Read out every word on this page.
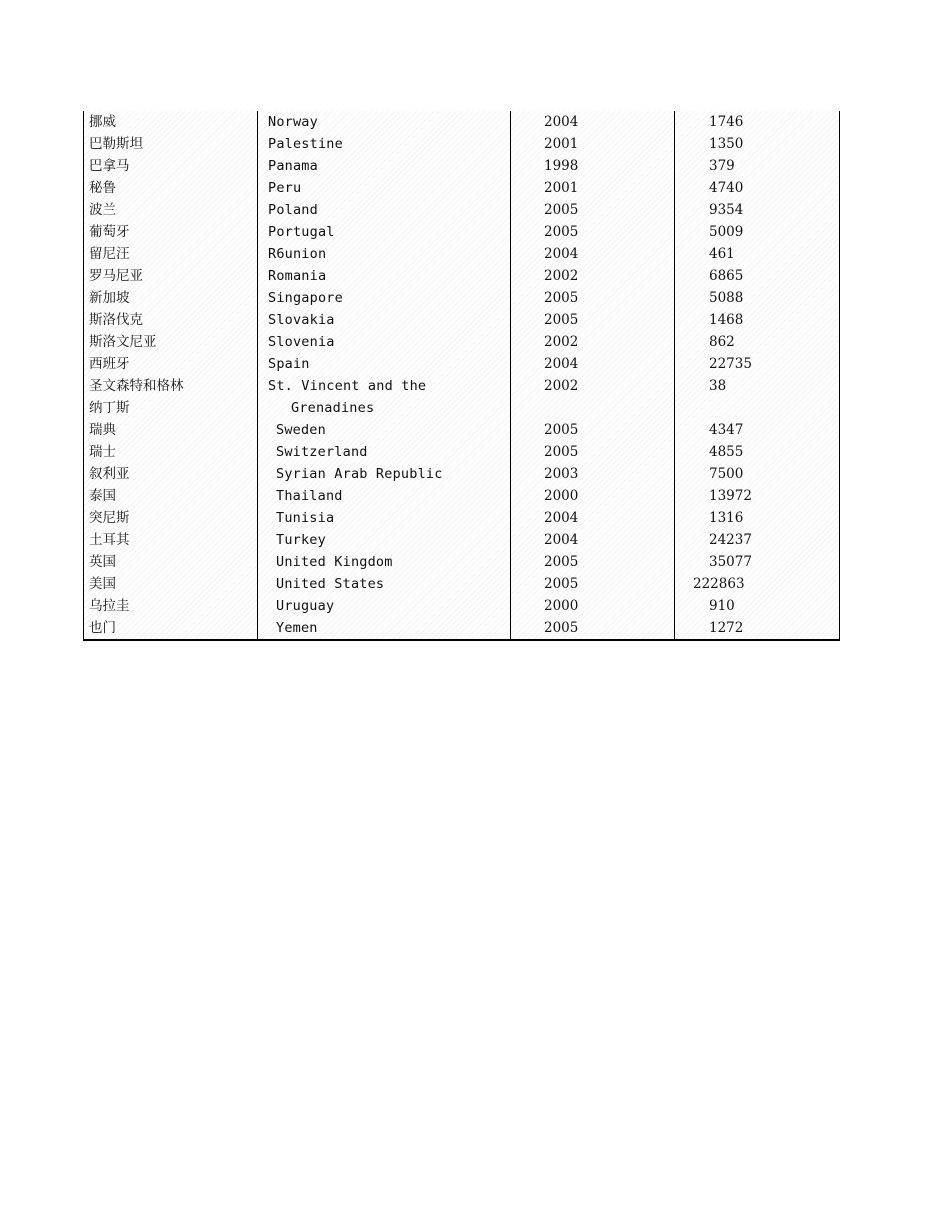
挪威	Norway	2004	1746
巴勒斯坦	Palestine	2001	1350
巴拿马	Panama	1998	379
秘鲁	Peru	2001	4740
波兰	Poland	2005	9354
葡萄牙	Portugal	2005	5009
留尼汪	R6union	2004	461
罗马尼亚	Romania	2002	6865
新加坡	Singapore	2005	5088
斯洛伐克	Slovakia	2005	1468
斯洛文尼亚	Slovenia	2002	862
西班牙	Spain	2004	22735
圣文森特和格林	St. Vincent and the	2002	38
纳丁斯	Grenadines		
瑞典	Sweden	2005	4347
瑞士	Switzerland	2005	4855
叙利亚	Syrian Arab Republic	2003	7500
泰国	Thailand	2000	13972
突尼斯	Tunisia	2004	1316
土耳其	Turkey	2004	24237
英国	United Kingdom	2005	35077
美国	United States	2005	222863
乌拉圭	Uruguay	2000	910
也门	Yemen	2005	1272
